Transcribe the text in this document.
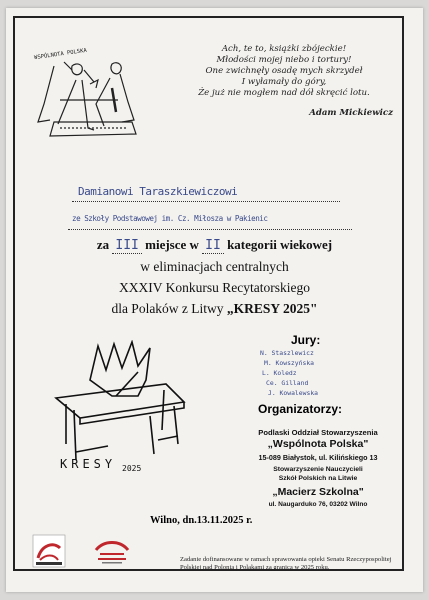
WSPÓLNOTA POLSKA	Ach, te to, książki zbójeckie!
Młodości mojej niebo i tortury!
One zwichnęły osadę mych skrzydeł
I wyłamały do góry,
Że już nie mogłem nad dół skręcić lotu.
Adam Mickiewicz
Damianowi Taraszkiewiczowi
ze Szkoły Podstawowej im. Cz. Miłosza w Pakienic
za III miejsce w II kategorii wiekowej
w eliminacjach centralnych
XXXIV Konkursu Recytatorskiego
dla Polaków z Litwy „KRESY 2025"
KRESY 2025
Jury:
N. Staszlewicz
M. Kowszyńska
L. Koledz
Ce. Gilland
J. Kowalewska
Organizatorzy:
Podlaski Oddział Stowarzyszenia
„Wspólnota Polska"
15-089 Białystok, ul. Kilińskiego 13
Stowarzyszenie Nauczycieli
Szkół Polskich na Litwie
„Macierz Szkolna"
ul. Naugarduko 76, 03202 Wilno
Wilno, dn.13.11.2025 r.
Zadanie dofinansowane w ramach sprawowania opieki Senatu Rzeczypospolitej Polskiej nad Polonią i Polakami za granicą w 2025 roku.
